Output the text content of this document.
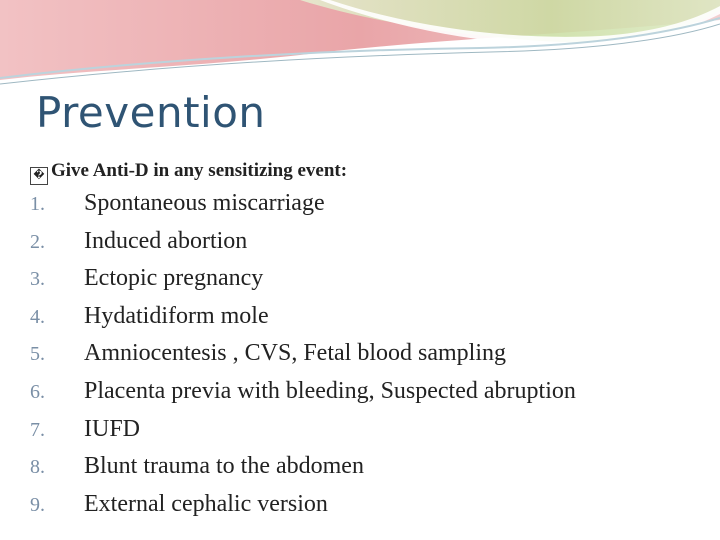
Prevention
� Give Anti-D in any sensitizing event:
1.	Spontaneous miscarriage
2.	Induced abortion
3.	Ectopic pregnancy
4.	Hydatidiform mole
5.	Amniocentesis , CVS, Fetal blood sampling
6.	Placenta previa with bleeding, Suspected abruption
7.	IUFD
8.	Blunt trauma to the abdomen
9.	External cephalic version
